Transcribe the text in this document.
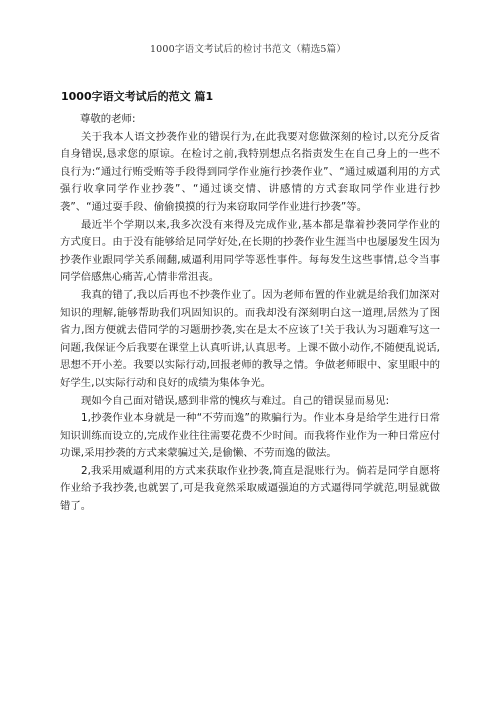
1000字语文考试后的检讨书范文（精选5篇）
1000字语文考试后的范文 篇1

尊敬的老师:

关于我本人语文抄袭作业的错误行为,在此我要对您做深刻的检讨,以充分反省自身错误,恳求您的原谅。在检讨之前,我特别想点名指责发生在自己身上的一些不良行为:“通过行贿受贿等手段得到同学作业施行抄袭作业”、“通过威逼利用的方式强行收拿同学作业抄袭”、“通过谈交情、讲感情的方式套取同学作业进行抄袭”、“通过耍手段、偷偷摸摸的行为来窃取同学作业进行抄袭”等。

最近半个学期以来,我多次没有来得及完成作业,基本都是靠着抄袭同学作业的方式度日。由于没有能够给足同学好处,在长期的抄袭作业生涯当中也屡屡发生因为抄袭作业跟同学关系闹翻,威逼利用同学等恶性事件。每每发生这些事情,总令当事同学倍感焦心痛苦,心情非常沮丧。

我真的错了,我以后再也不抄袭作业了。因为老师布置的作业就是给我们加深对知识的理解,能够帮助我们巩固知识的。而我却没有深刻明白这一道理,居然为了图省力,图方便就去借同学的习题册抄袭,实在是太不应该了!关于我认为习题难写这一问题,我保证今后我要在课堂上认真听讲,认真思考。上课不做小动作,不随便乱说话,思想不开小差。我要以实际行动,回报老师的教导之情。争做老师眼中、家里眼中的好学生,以实际行动和良好的成绩为集体争光。

现如今自己面对错误,感到非常的愧疚与难过。自己的错误显而易见:

1,抄袭作业本身就是一种“不劳而逸”的欺骗行为。作业本身是给学生进行日常知识训练而设立的,完成作业往往需要花费不少时间。而我将作业作为一种日常应付功课,采用抄袭的方式来蒙骗过关,是偷懒、不劳而逸的做法。

2,我采用威逼利用的方式来获取作业抄袭,简直是混账行为。倘若是同学自愿将作业给予我抄袭,也就罢了,可是我竟然采取威逼强迫的方式逼得同学就范,明显就做错了。
